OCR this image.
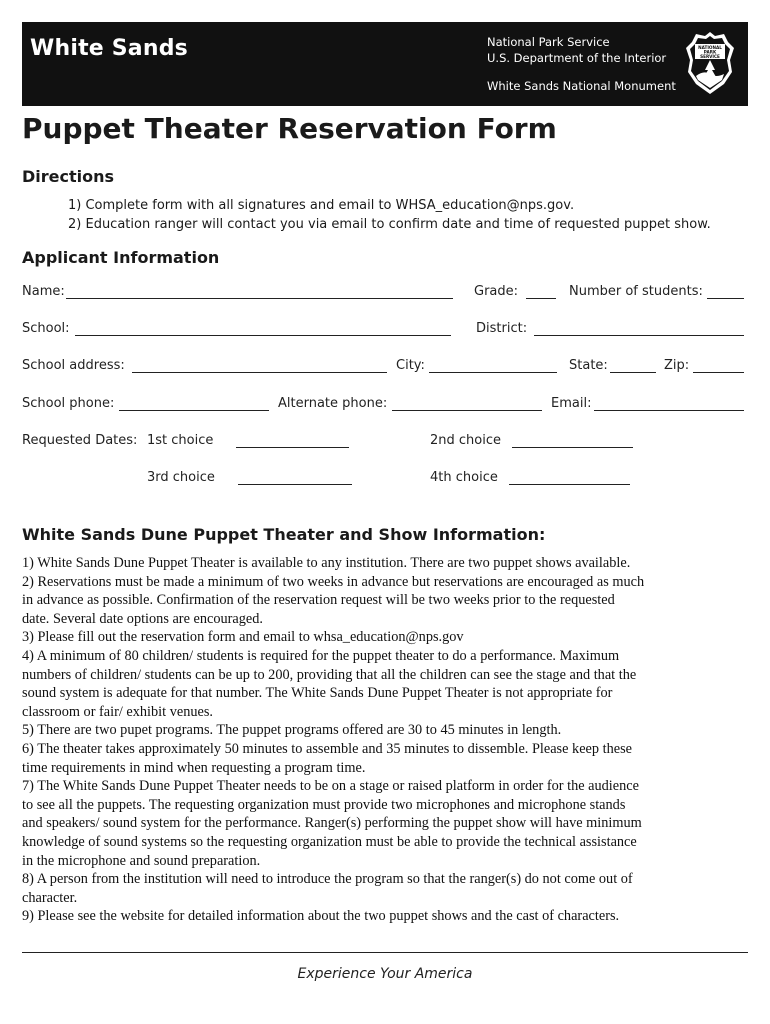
White Sands	National Park Service
U.S. Department of the Interior
White Sands National Monument
NATIONAL
PARK
SERVICE
Puppet Theater Reservation Form
Directions
1) Complete form with all signatures and email to WHSA_education@nps.gov.
2) Education ranger will contact you via email to confirm date and time of requested puppet show.
Applicant Information
Name:	Grade:	Number of students:
School:	District:
School address:	City:	State:	Zip:
School phone:	Alternate phone:	Email:
Requested Dates: 1st choice	2nd choice
3rd choice	4th choice
White Sands Dune Puppet Theater and Show Information:
1) White Sands Dune Puppet Theater is available to any institution. There are two puppet shows available.
2) Reservations must be made a minimum of two weeks in advance but reservations are encouraged as much
in advance as possible. Confirmation of the reservation request will be two weeks prior to the requested
date. Several date options are encouraged.
3) Please fill out the reservation form and email to whsa_education@nps.gov
4) A minimum of 80 children/ students is required for the puppet theater to do a performance. Maximum
numbers of children/ students can be up to 200, providing that all the children can see the stage and that the
sound system is adequate for that number. The White Sands Dune Puppet Theater is not appropriate for
classroom or fair/ exhibit venues.
5) There are two pupet programs. The puppet programs offered are 30 to 45 minutes in length.
6) The theater takes approximately 50 minutes to assemble and 35 minutes to dissemble. Please keep these
time requirements in mind when requesting a program time.
7) The White Sands Dune Puppet Theater needs to be on a stage or raised platform in order for the audience
to see all the puppets. The requesting organization must provide two microphones and microphone stands
and speakers/ sound system for the performance. Ranger(s) performing the puppet show will have minimum
knowledge of sound systems so the requesting organization must be able to provide the technical assistance
in the microphone and sound preparation.
8) A person from the institution will need to introduce the program so that the ranger(s) do not come out of
character.
9) Please see the website for detailed information about the two puppet shows and the cast of characters.
Experience Your America
